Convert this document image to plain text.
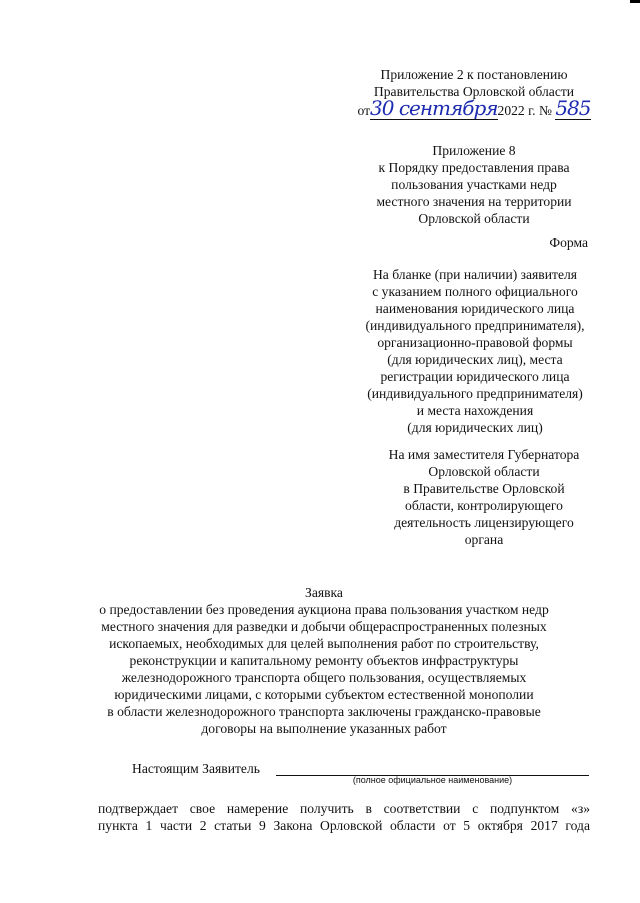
Приложение 2 к постановлению
Правительства Орловской области
от30 сентября2022 г. № 585
Приложение 8
к Порядку предоставления права
пользования участками недр
местного значения на территории
Орловской области
Форма
На бланке (при наличии) заявителя
с указанием полного официального
наименования юридического лица
(индивидуального предпринимателя),
организационно-правовой формы
(для юридических лиц), места
регистрации юридического лица
(индивидуального предпринимателя)
и места нахождения
(для юридических лиц)
На имя заместителя Губернатора
Орловской области
в Правительстве Орловской
области, контролирующего
деятельность лицензирующего
органа
Заявка
о предоставлении без проведения аукциона права пользования участком недр
местного значения для разведки и добычи общераспространенных полезных
ископаемых, необходимых для целей выполнения работ по строительству,
реконструкции и капитальному ремонту объектов инфраструктуры
железнодорожного транспорта общего пользования, осуществляемых
юридическими лицами, с которыми субъектом естественной монополии
в области железнодорожного транспорта заключены гражданско-правовые
договоры на выполнение указанных работ
Настоящим Заявитель
(полное официальное наименование)
подтверждает свое намерение получить в соответствии с подпунктом «з»
пункта 1 части 2 статьи 9 Закона Орловской области от 5 октября 2017 года
